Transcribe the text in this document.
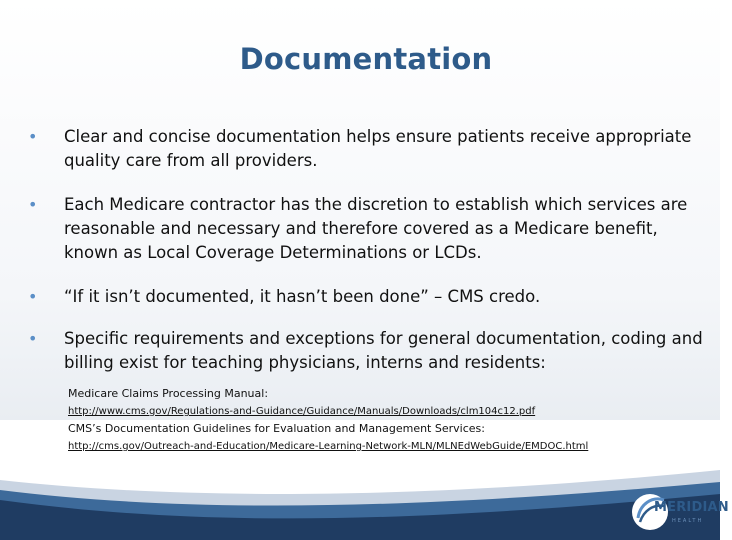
Documentation
• Clear and concise documentation helps ensure patients receive appropriate quality care from all providers.
• Each Medicare contractor has the discretion to establish which services are reasonable and necessary and therefore covered as a Medicare benefit, known as Local Coverage Determinations or LCDs.
• “If it isn’t documented, it hasn’t been done” – CMS credo.
• Specific requirements and exceptions for general documentation, coding and billing exist for teaching physicians, interns and residents:
Medicare Claims Processing Manual:
http://www.cms.gov/Regulations-and-Guidance/Guidance/Manuals/Downloads/clm104c12.pdf
CMS’s Documentation Guidelines for Evaluation and Management Services:
http://cms.gov/Outreach-and-Education/Medicare-Learning-Network-MLN/MLNEdWebGuide/EMDOC.html
MERIDIAN
HEALTH
